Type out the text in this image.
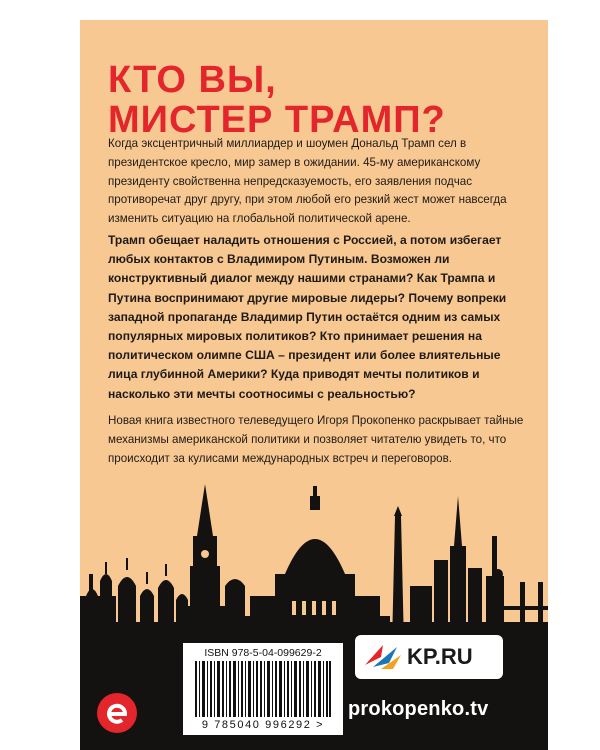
КТО ВЫ,
МИСТЕР ТРАМП?

Когда эксцентричный миллиардер и шоумен Дональд Трамп сел в президентское кресло, мир замер в ожидании. 45-му американскому президенту свойственна непредсказуемость, его заявления подчас противоречат друг другу, при этом любой его резкий жест может навсегда изменить ситуацию на глобальной политической арене.

Трамп обещает наладить отношения с Россией, а потом избегает любых контактов с Владимиром Путиным. Возможен ли конструктивный диалог между нашими странами? Как Трампа и Путина воспринимают другие мировые лидеры? Почему вопреки западной пропаганде Владимир Путин остаётся одним из самых популярных мировых политиков? Кто принимает решения на политическом олимпе США – президент или более влиятельные лица глубинной Америки? Куда приводят мечты политиков и насколько эти мечты соотносимы с реальностью?

Новая книга известного телеведущего Игоря Прокопенко раскрывает тайные механизмы американской политики и позволяет читателю увидеть то, что происходит за кулисами международных встреч и переговоров.

ISBN 978-5-04-099629-2
9 785040 996292 >
KP.RU
prokopenko.tv
